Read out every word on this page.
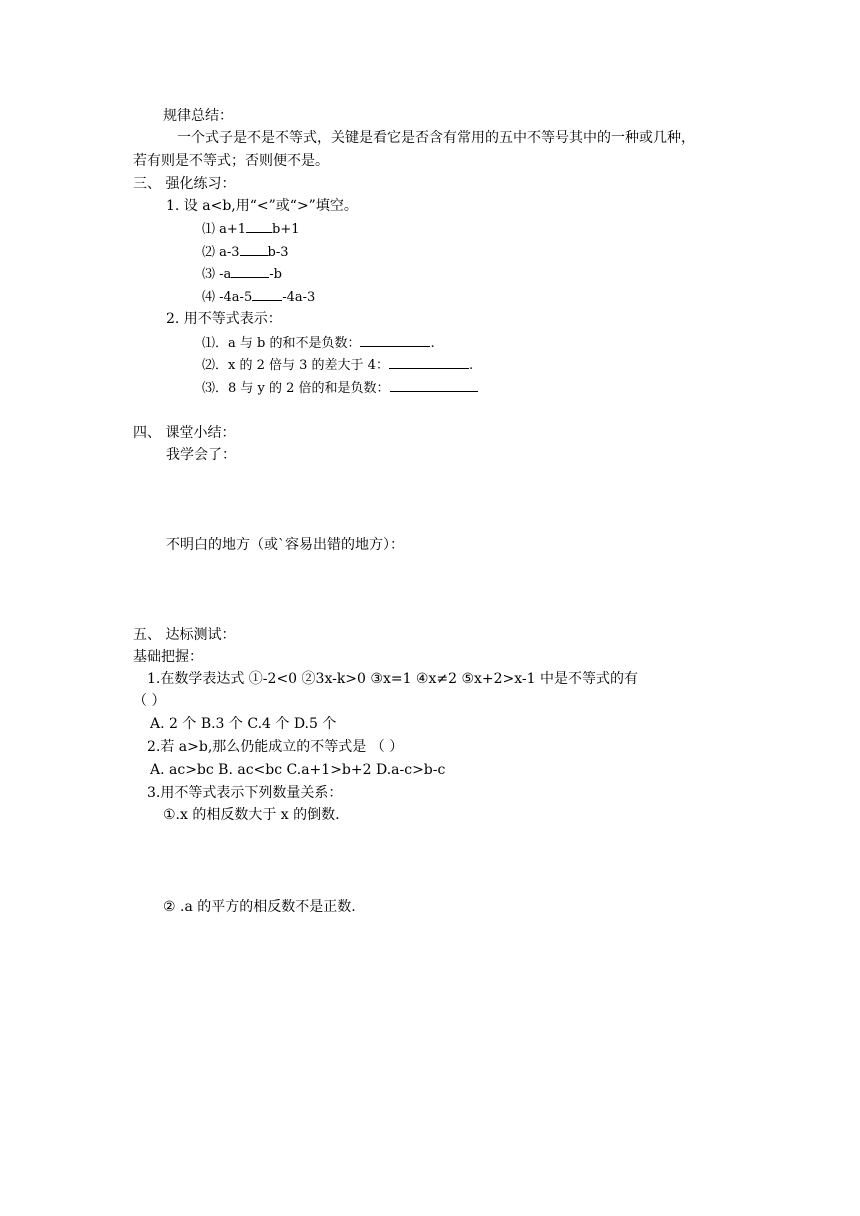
规律总结：
一个式子是不是不等式，关键是看它是否含有常用的五中不等号其中的一种或几种，
若有则是不等式；否则便不是。
三、 强化练习：
1. 设 a<b,用“<”或“>”填空。
⑴ a+1 b+1
⑵ a-3 b-3
⑶ -a	-b
⑷ -4a-5 -4a-3
2. 用不等式表示：
⑴．a 与 b 的和不是负数：	.
⑵．x 的 2 倍与 3 的差大于 4：	.
⑶．8 与 y 的 2 倍的和是负数：
四、 课堂小结：
我学会了：
不明白的地方（或`容易出错的地方）：
五、 达标测试：
基础把握：
1.在数学表达式 ①-2<0 ②3x-k>0 ③x=1 ④x≠2 ⑤x+2>x-1 中是不等式的有
（ ）
A. 2 个 B.3 个 C.4 个 D.5 个
2.若 a>b,那么仍能成立的不等式是 （ ）
A. ac>bc B. ac<bc C.a+1>b+2 D.a-c>b-c
3.用不等式表示下列数量关系：
①.x 的相反数大于 x 的倒数.
② .a 的平方的相反数不是正数.
